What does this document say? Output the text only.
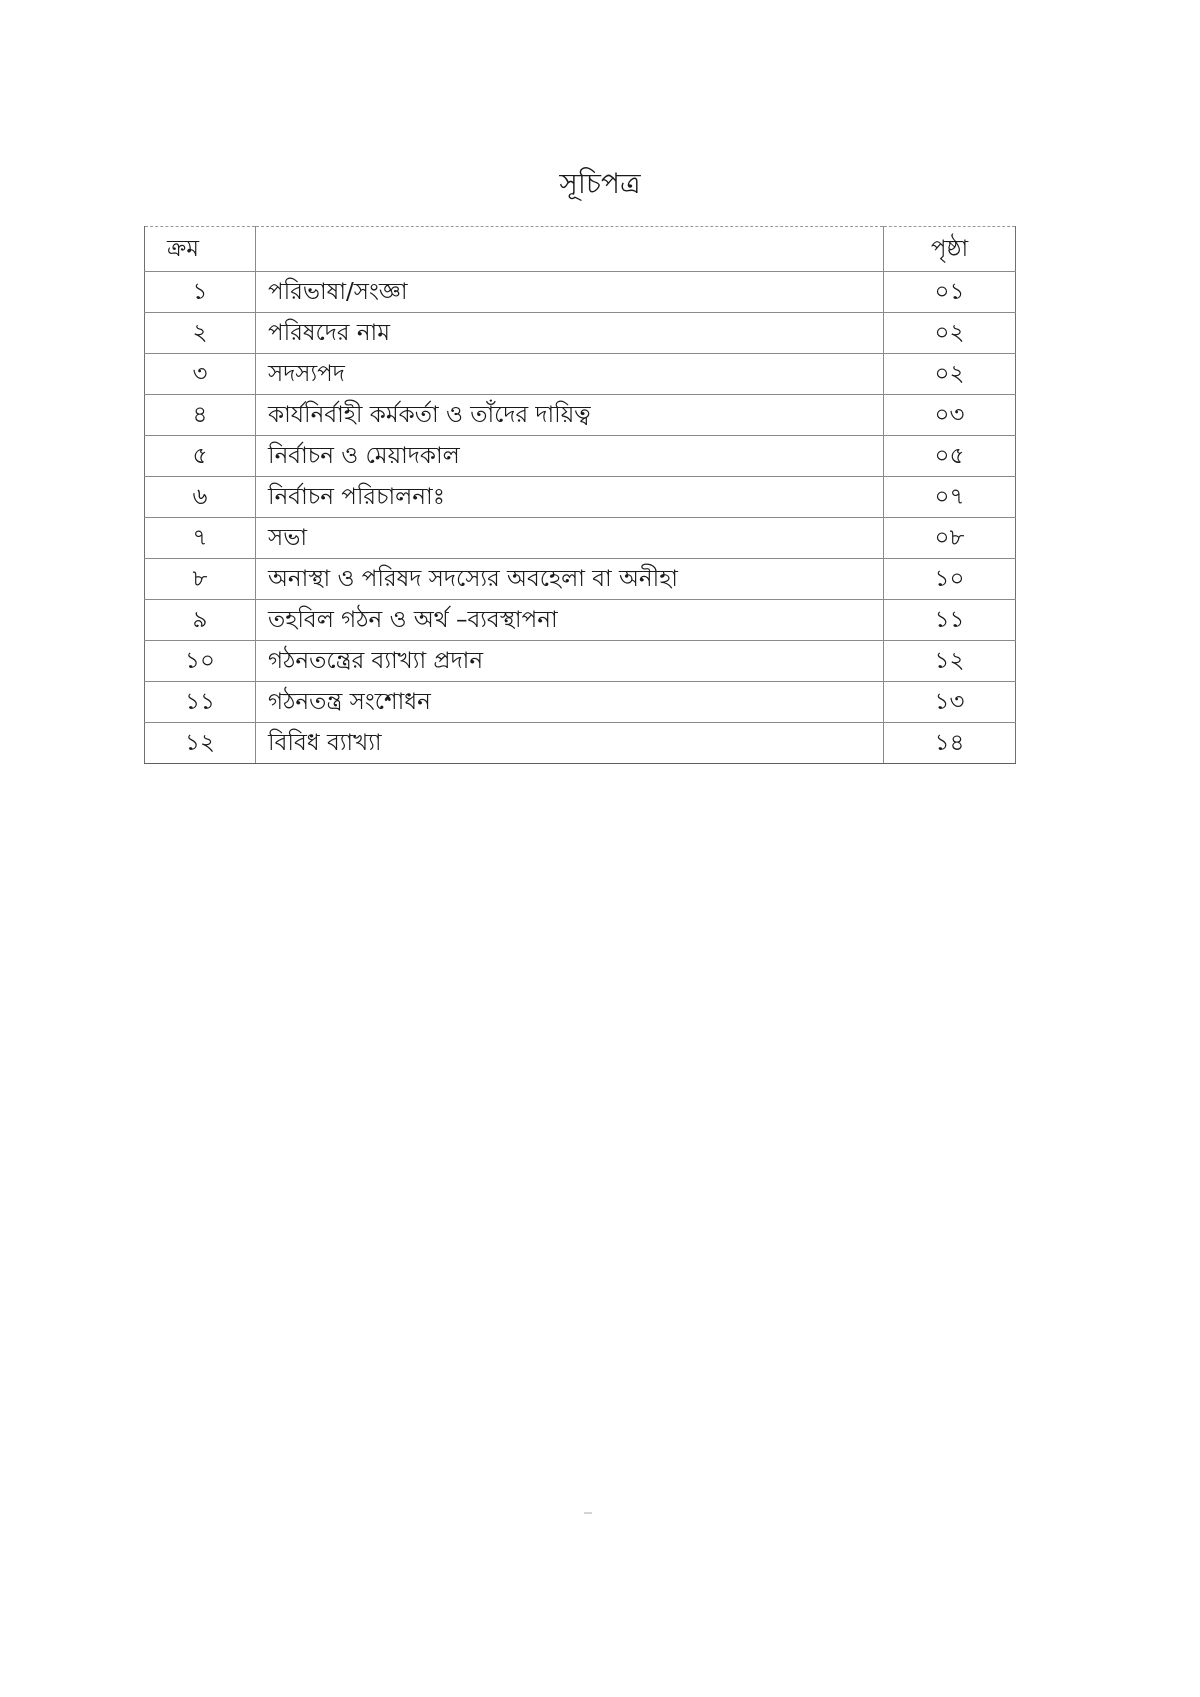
সূচিপত্র
ক্রম		পৃষ্ঠা
১	পরিভাষা/সংজ্ঞা	০১
২	পরিষদের নাম	০২
৩	সদস্যপদ	০২
৪	কার্যনির্বাহী কর্মকর্তা ও তাঁদের দায়িত্ব	০৩
৫	নির্বাচন ও মেয়াদকাল	০৫
৬	নির্বাচন পরিচালনাঃ	০৭
৭	সভা	০৮
৮	অনাস্থা ও পরিষদ সদস্যের অবহেলা বা অনীহা	১০
৯	তহবিল গঠন ও অর্থ –ব্যবস্থাপনা	১১
১০	গঠনতন্ত্রের ব্যাখ্যা প্রদান	১২
১১	গঠনতন্ত্র সংশোধন	১৩
১২	বিবিধ ব্যাখ্যা	১৪
